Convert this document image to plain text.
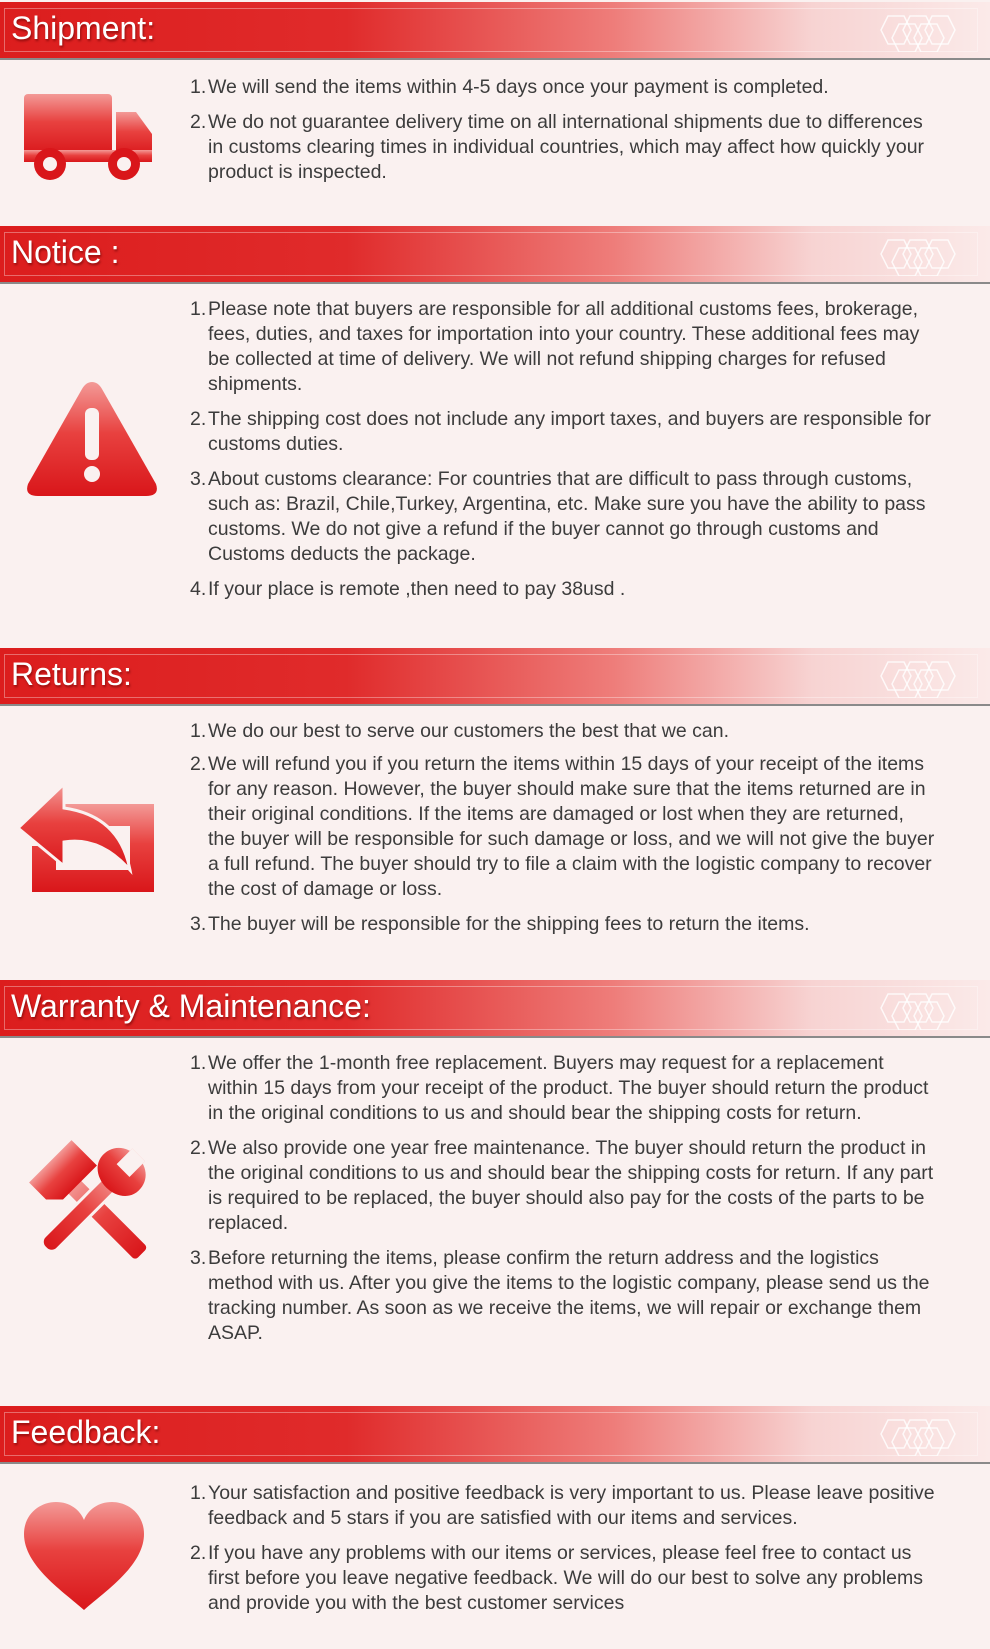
Shipment:
1. We will send the items within 4-5 days once your payment is completed.
2. We do not guarantee delivery time on all international shipments due to differences in customs clearing times in individual countries, which may affect how quickly your product is inspected.
Notice :
1. Please note that buyers are responsible for all additional customs fees, brokerage, fees, duties, and taxes for importation into your country. These additional fees may be collected at time of delivery. We will not refund shipping charges for refused shipments.
2. The shipping cost does not include any import taxes, and buyers are responsible for customs duties.
3. About customs clearance: For countries that are difficult to pass through customs, such as: Brazil, Chile,Turkey, Argentina, etc. Make sure you have the ability to pass customs. We do not give a refund if the buyer cannot go through customs and Customs deducts the package.
4. If your place is remote ,then need to pay 38usd .
Returns:
1. We do our best to serve our customers the best that we can.
2. We will refund you if you return the items within 15 days of your receipt of the items for any reason. However, the buyer should make sure that the items returned are in their original conditions. If the items are damaged or lost when they are returned, the buyer will be responsible for such damage or loss, and we will not give the buyer a full refund. The buyer should try to file a claim with the logistic company to recover the cost of damage or loss.
3. The buyer will be responsible for the shipping fees to return the items.
Warranty & Maintenance:
1. We offer the 1-month free replacement. Buyers may request for a replacement within 15 days from your receipt of the product. The buyer should return the product in the original conditions to us and should bear the shipping costs for return.
2. We also provide one year free maintenance. The buyer should return the product in the original conditions to us and should bear the shipping costs for return. If any part is required to be replaced, the buyer should also pay for the costs of the parts to be replaced.
3. Before returning the items, please confirm the return address and the logistics method with us. After you give the items to the logistic company, please send us the tracking number. As soon as we receive the items, we will repair or exchange them ASAP.
Feedback:
1. Your satisfaction and positive feedback is very important to us. Please leave positive feedback and 5 stars if you are satisfied with our items and services.
2. If you have any problems with our items or services, please feel free to contact us first before you leave negative feedback. We will do our best to solve any problems and provide you with the best customer services
